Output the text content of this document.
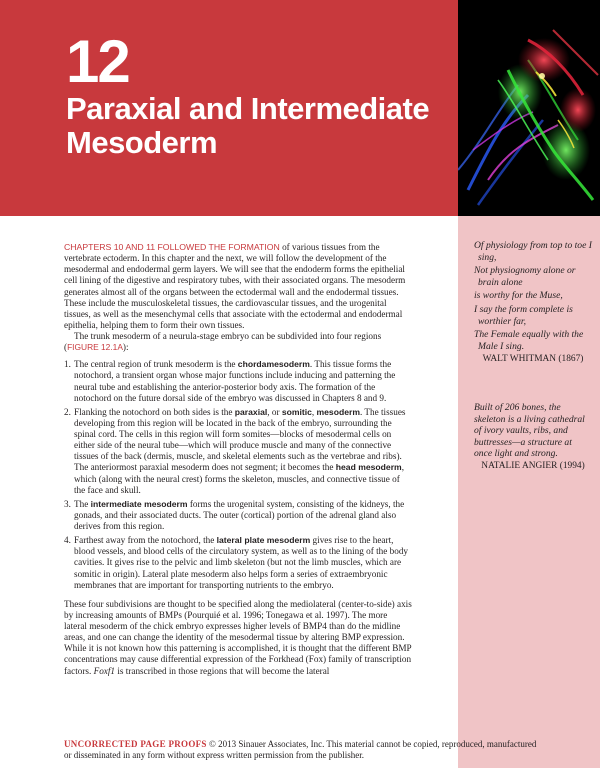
12
Paraxial and Intermediate Mesoderm

Of physiology from top to toe I sing,

Not physiognomy alone or brain alone

is worthy for the Muse,

I say the form complete is worthier far,

The Female equally with the Male I sing.

WALT WHITMAN (1867)

Built of 206 bones, the skeleton is a living cathedral of ivory vaults, ribs, and buttresses—a structure at once light and strong.

NATALIE ANGIER (1994)

CHAPTERS 10 AND 11 FOLLOWED THE FORMATION of various tissues from the vertebrate ectoderm. In this chapter and the next, we will follow the development of the mesodermal and endodermal germ layers. We will see that the endoderm forms the epithelial cell lining of the digestive and respiratory tubes, with their associated organs. The mesoderm generates almost all of the organs between the ectodermal wall and the endodermal tissues. These include the musculoskeletal tissues, the cardiovascular tissues, and the urogenital tissues, as well as the mesenchymal cells that associate with the ectodermal and endodermal epithelia, helping them to form their own tissues.

The trunk mesoderm of a neurula-stage embryo can be subdivided into four regions (FIGURE 12.1A):

1. The central region of trunk mesoderm is the chordamesoderm. This tissue forms the notochord, a transient organ whose major functions include inducing and patterning the neural tube and establishing the anterior-posterior body axis. The formation of the notochord on the future dorsal side of the embryo was discussed in Chapters 8 and 9.
2. Flanking the notochord on both sides is the paraxial, or somitic, mesoderm. The tissues developing from this region will be located in the back of the embryo, surrounding the spinal cord. The cells in this region will form somites—blocks of mesodermal cells on either side of the neural tube—which will produce muscle and many of the connective tissues of the back (dermis, muscle, and skeletal elements such as the vertebrae and ribs). The anteriormost paraxial mesoderm does not segment; it becomes the head mesoderm, which (along with the neural crest) forms the skeleton, muscles, and connective tissue of the face and skull.
3. The intermediate mesoderm forms the urogenital system, consisting of the kidneys, the gonads, and their associated ducts. The outer (cortical) portion of the adrenal gland also derives from this region.
4. Farthest away from the notochord, the lateral plate mesoderm gives rise to the heart, blood vessels, and blood cells of the circulatory system, as well as to the lining of the body cavities. It gives rise to the pelvic and limb skeleton (but not the limb muscles, which are somitic in origin). Lateral plate mesoderm also helps form a series of extraembryonic membranes that are important for transporting nutrients to the embryo.

These four subdivisions are thought to be specified along the mediolateral (center-to-side) axis by increasing amounts of BMPs (Pourquié et al. 1996; Tonegawa et al. 1997). The more lateral mesoderm of the chick embryo expresses higher levels of BMP4 than do the midline areas, and one can change the identity of the mesodermal tissue by altering BMP expression. While it is not known how this patterning is accomplished, it is thought that the different BMP concentrations may cause differential expression of the Forkhead (Fox) family of transcription factors. Foxf1 is transcribed in those regions that will become the lateral

UNCORRECTED PAGE PROOFS © 2013 Sinauer Associates, Inc. This material cannot be copied, reproduced, manufactured or disseminated in any form without express written permission from the publisher.
